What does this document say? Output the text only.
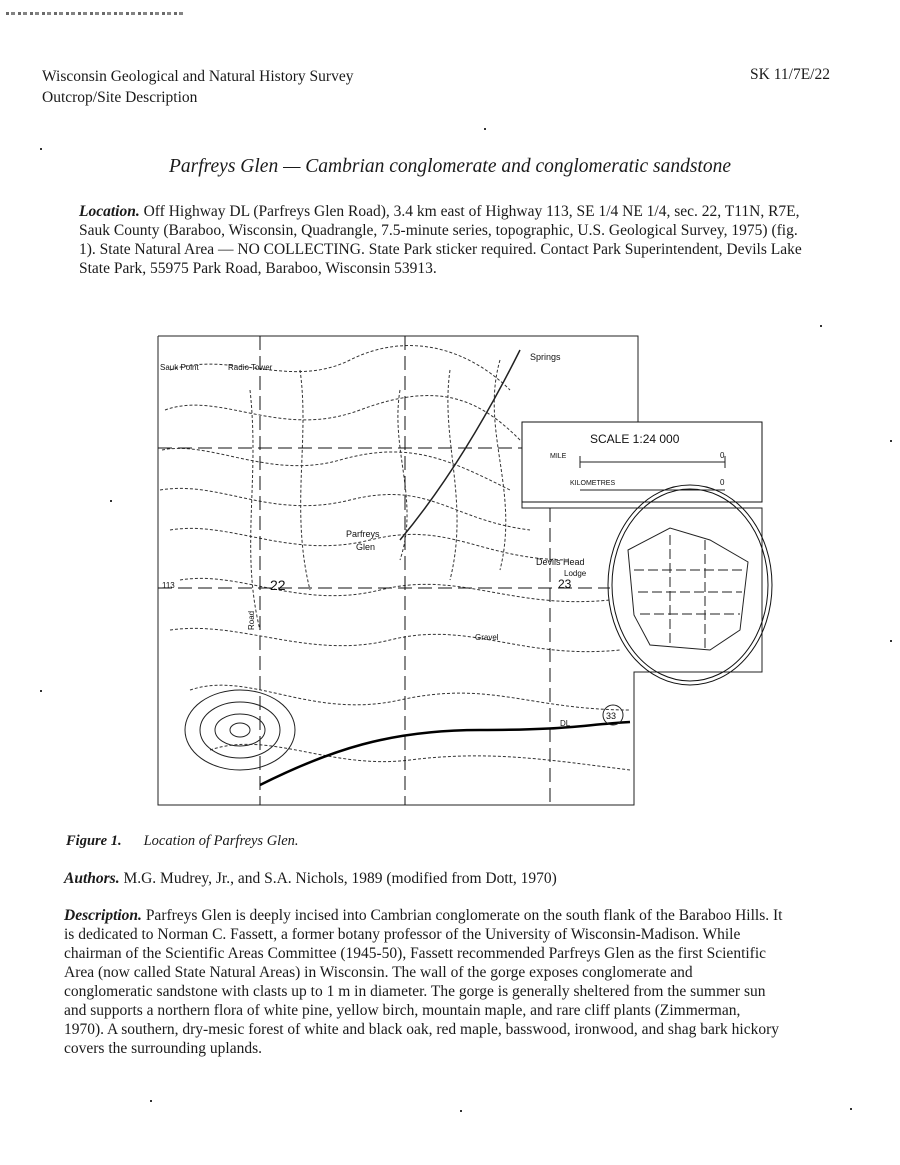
Wisconsin Geological and Natural History Survey
Outcrop/Site Description
SK 11/7E/22
Parfreys Glen — Cambrian conglomerate and conglomeratic sandstone
Location. Off Highway DL (Parfreys Glen Road), 3.4 km east of Highway 113, SE 1/4 NE 1/4, sec. 22, T11N, R7E, Sauk County (Baraboo, Wisconsin, Quadrangle, 7.5-minute series, topographic, U.S. Geological Survey, 1975) (fig. 1). State Natural Area — NO COLLECTING. State Park sticker required. Contact Park Superintendent, Devils Lake State Park, 55975 Park Road, Baraboo, Wisconsin 53913.
SCALE 1:24 000
MILE
KILOMETRES
0
0
Parfreys
Glen
Devils Head
Lodge
Springs
Radio Tower
Sauk Point
22	23
Gravel
113
DL
33
Road
Figure 1. Location of Parfreys Glen.
Authors. M.G. Mudrey, Jr., and S.A. Nichols, 1989 (modified from Dott, 1970)
Description. Parfreys Glen is deeply incised into Cambrian conglomerate on the south flank of the Baraboo Hills. It is dedicated to Norman C. Fassett, a former botany professor of the University of Wisconsin-Madison. While chairman of the Scientific Areas Committee (1945-50), Fassett recommended Parfreys Glen as the first Scientific Area (now called State Natural Areas) in Wisconsin. The wall of the gorge exposes conglomerate and conglomeratic sandstone with clasts up to 1 m in diameter. The gorge is generally sheltered from the summer sun and supports a northern flora of white pine, yellow birch, mountain maple, and rare cliff plants (Zimmerman, 1970). A southern, dry-mesic forest of white and black oak, red maple, basswood, ironwood, and shag bark hickory covers the surrounding uplands.
